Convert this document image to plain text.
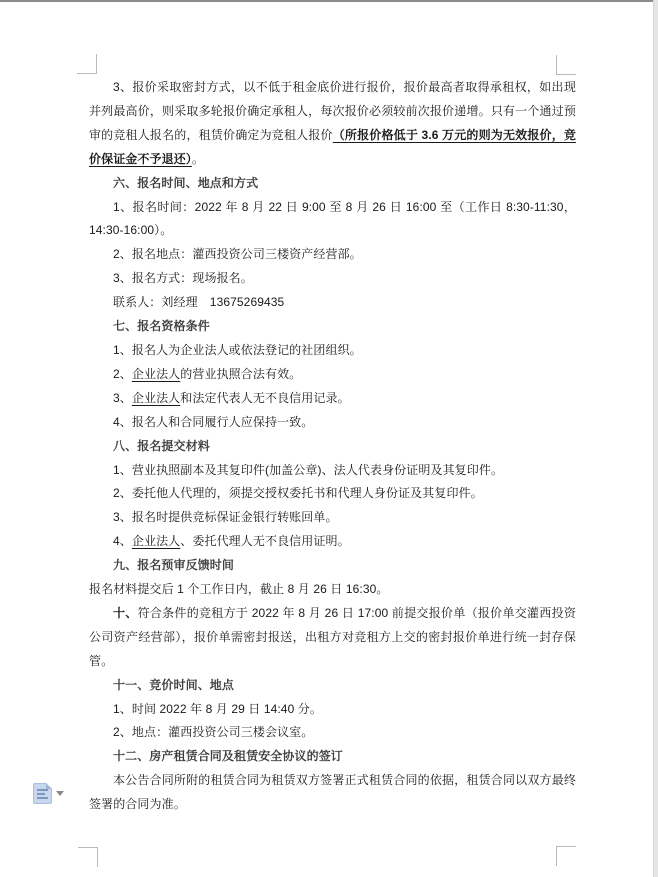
3、报价采取密封方式，以不低于租金底价进行报价，报价最高者取得承租权，如出现并列最高价，则采取多轮报价确定承租人，每次报价必须较前次报价递增。只有一个通过预审的竞租人报名的，租赁价确定为竞租人报价（所报价格低于 3.6 万元的则为无效报价，竞价保证金不予退还）。

六、报名时间、地点和方式

1、报名时间：2022 年 8 月 22 日 9:00 至 8 月 26 日 16:00 至（工作日 8:30-11:30，14:30-16:00）。

2、报名地点：灌西投资公司三楼资产经营部。

3、报名方式：现场报名。

联系人：刘经理　13675269435

七、报名资格条件

1、报名人为企业法人或依法登记的社团组织。

2、企业法人的营业执照合法有效。

3、企业法人和法定代表人无不良信用记录。

4、报名人和合同履行人应保持一致。

八、报名提交材料

1、营业执照副本及其复印件(加盖公章)、法人代表身份证明及其复印件。

2、委托他人代理的，须提交授权委托书和代理人身份证及其复印件。

3、报名时提供竞标保证金银行转账回单。

4、企业法人、委托代理人无不良信用证明。

九、报名预审反馈时间

报名材料提交后 1 个工作日内，截止 8 月 26 日 16:30。

十、符合条件的竞租方于 2022 年 8 月 26 日 17:00 前提交报价单（报价单交灌西投资公司资产经营部），报价单需密封报送，出租方对竞租方上交的密封报价单进行统一封存保管。

十一、竞价时间、地点

1、时间 2022 年 8 月 29 日 14:40 分。

2、地点：灌西投资公司三楼会议室。

十二、房产租赁合同及租赁安全协议的签订

本公告合同所附的租赁合同为租赁双方签署正式租赁合同的依据，租赁合同以双方最终签署的合同为准。
